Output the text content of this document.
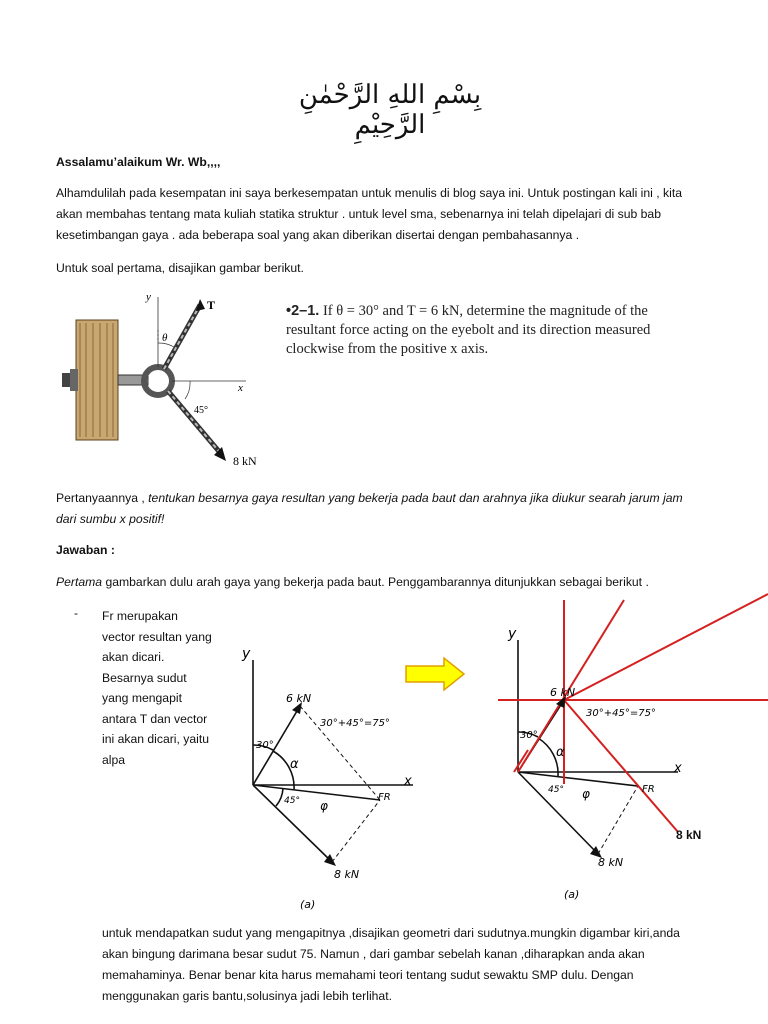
بِسْمِ اللهِ الرَّحْمٰنِ الرَّحِيْمِ

Assalamu’alaikum Wr. Wb,,,,

Alhamdulilah pada kesempatan ini saya berkesempatan untuk menulis di blog saya ini. Untuk postingan kali ini , kita akan membahas tentang mata kuliah statika struktur . untuk level sma, sebenarnya ini telah dipelajari di sub bab kesetimbangan gaya . ada beberapa soal yang akan diberikan disertai dengan pembahasannya .

Untuk soal pertama, disajikan gambar berikut.

y
x
T
θ
45°
8 kN
•2–1. If θ = 30° and T = 6 kN, determine the magnitude of the resultant force acting on the eyebolt and its direction measured clockwise from the positive x axis.

Pertanyaannya , tentukan besarnya gaya resultan yang bekerja pada baut dan arahnya jika diukur searah jarum jam dari sumbu x positif!

Jawaban :

Pertama gambarkan dulu arah gaya yang bekerja pada baut. Penggambarannya ditunjukkan sebagai berikut .

- Fr merupakan vector resultan yang akan dicari. Besarnya sudut yang mengapit antara T dan vector ini akan dicari, yaitu alpa

y
x
6 kN
30°+45°=75°
30°
α
45° φ
FR
8 kN
(a)
y
x
6 kN
30°+45°=75°
30°
α
45° φ	FR
8 kN
(a)
8 kN

untuk mendapatkan sudut yang mengapitnya ,disajikan geometri dari sudutnya.mungkin digambar kiri,anda akan bingung darimana besar sudut 75. Namun , dari gambar sebelah kanan ,diharapkan anda akan memahaminya. Benar benar kita harus memahami teori tentang sudut sewaktu SMP dulu. Dengan menggunakan garis bantu,solusinya jadi lebih terlihat.
